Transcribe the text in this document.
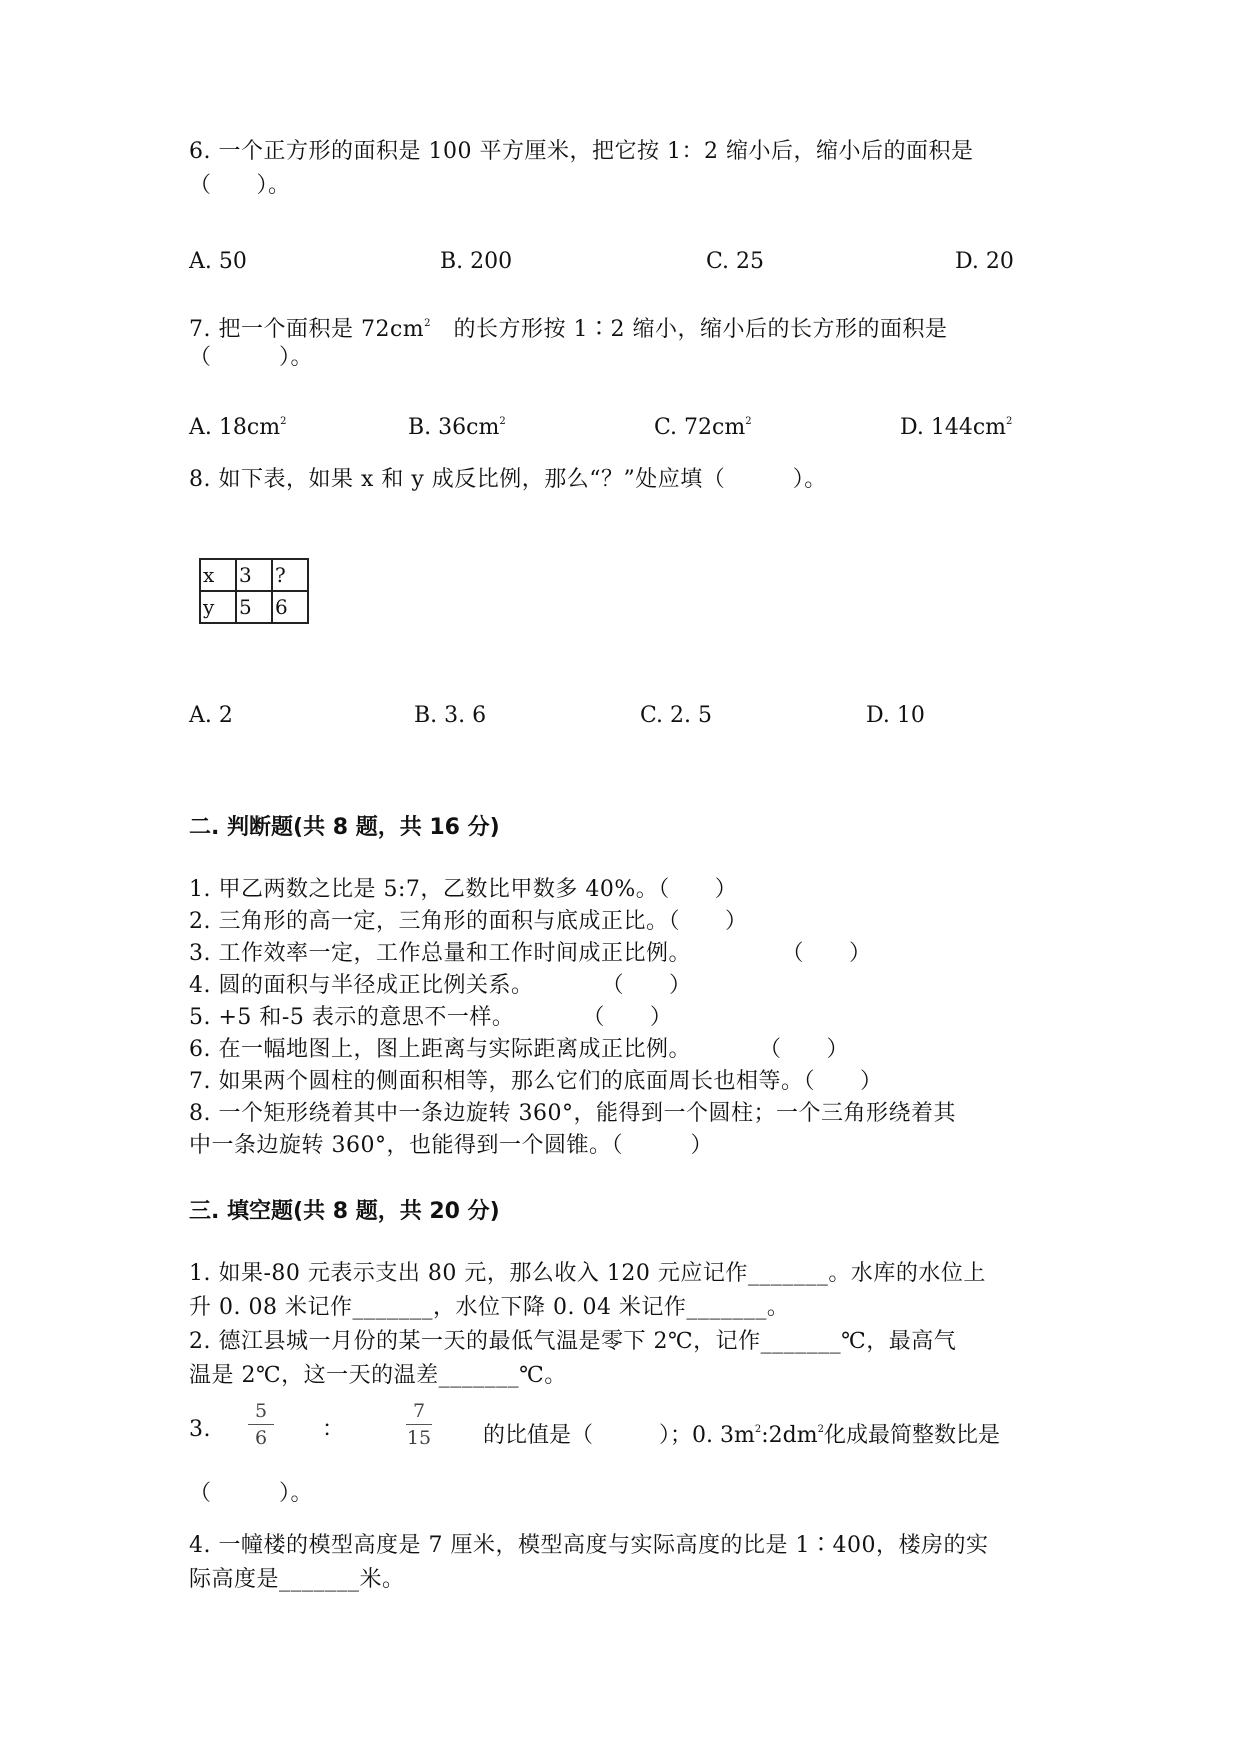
6. 一个正方形的面积是 100 平方厘米，把它按 1：2 缩小后，缩小后的面积是
（　　）。
A. 50	B. 200	C. 25	D. 20
7. 把一个面积是 $72cm^2$　的长方形按 1∶2 缩小，缩小后的长方形的面积是
（　　　）。
A. $18cm^2$	B. $36cm^2$	C. $72cm^2$	D. $144cm^2$
8. 如下表，如果 x 和 y 成反比例，那么“？”处应填（　　　）。
x	3	?
y	5	6
A. 2	B. 3. 6	C. 2. 5	D. 10
二. 判断题(共 8 题，共 16 分)
1. 甲乙两数之比是 5:7，乙数比甲数多 40%。（　　）
2. 三角形的高一定，三角形的面积与底成正比。（　　）
3. 工作效率一定，工作总量和工作时间成正比例。　　　　　（　　）
4. 圆的面积与半径成正比例关系。　　　　（　　）
5. +5 和-5 表示的意思不一样。　　　　（　　）
6. 在一幅地图上，图上距离与实际距离成正比例。　　　　（　　）
7. 如果两个圆柱的侧面积相等，那么它们的底面周长也相等。（　　）
8. 一个矩形绕着其中一条边旋转 360°，能得到一个圆柱；一个三角形绕着其
中一条边旋转 360°，也能得到一个圆锥。（　　　）
三. 填空题(共 8 题，共 20 分)
1. 如果-80 元表示支出 80 元，那么收入 120 元应记作_______。水库的水位上
升 0. 08 米记作_______，水位下降 0. 04 米记作_______。
2. 德江县城一月份的某一天的最低气温是零下 2℃，记作_______℃，最高气
温是 2℃，这一天的温差_______℃。
3.
5
6 ：
7
15 的比值是（　　　）；0. $3m^2:2dm^2$化成最简整数比是
（　　　）。
4. 一幢楼的模型高度是 7 厘米，模型高度与实际高度的比是 1∶400，楼房的实
际高度是_______米。
